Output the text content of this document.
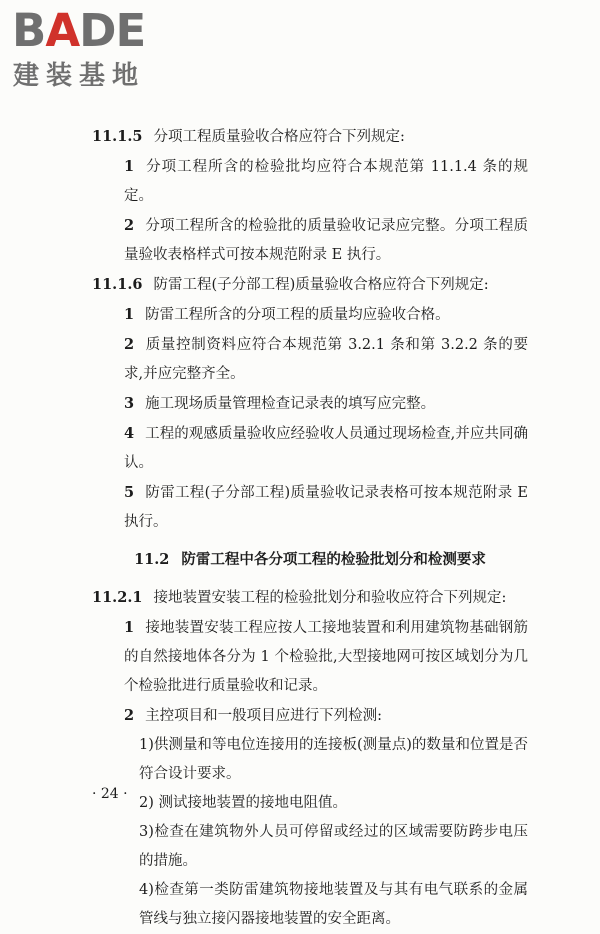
BADE
建装基地
11.1.5 分项工程质量验收合格应符合下列规定:
1 分项工程所含的检验批均应符合本规范第 11.1.4 条的规定。
2 分项工程所含的检验批的质量验收记录应完整。分项工程质量验收表格样式可按本规范附录 E 执行。
11.1.6 防雷工程(子分部工程)质量验收合格应符合下列规定:
1 防雷工程所含的分项工程的质量均应验收合格。
2 质量控制资料应符合本规范第 3.2.1 条和第 3.2.2 条的要求,并应完整齐全。
3 施工现场质量管理检查记录表的填写应完整。
4 工程的观感质量验收应经验收人员通过现场检查,并应共同确认。
5 防雷工程(子分部工程)质量验收记录表格可按本规范附录 E 执行。
11.2 防雷工程中各分项工程的检验批划分和检测要求
11.2.1 接地装置安装工程的检验批划分和验收应符合下列规定:
1 接地装置安装工程应按人工接地装置和利用建筑物基础钢筋的自然接地体各分为 1 个检验批,大型接地网可按区域划分为几个检验批进行质量验收和记录。
2 主控项目和一般项目应进行下列检测:
1)供测量和等电位连接用的连接板(测量点)的数量和位置是否符合设计要求。
2) 测试接地装置的接地电阻值。
3)检查在建筑物外人员可停留或经过的区域需要防跨步电压的措施。
4)检查第一类防雷建筑物接地装置及与其有电气联系的金属管线与独立接闪器接地装置的安全距离。
· 24 ·
